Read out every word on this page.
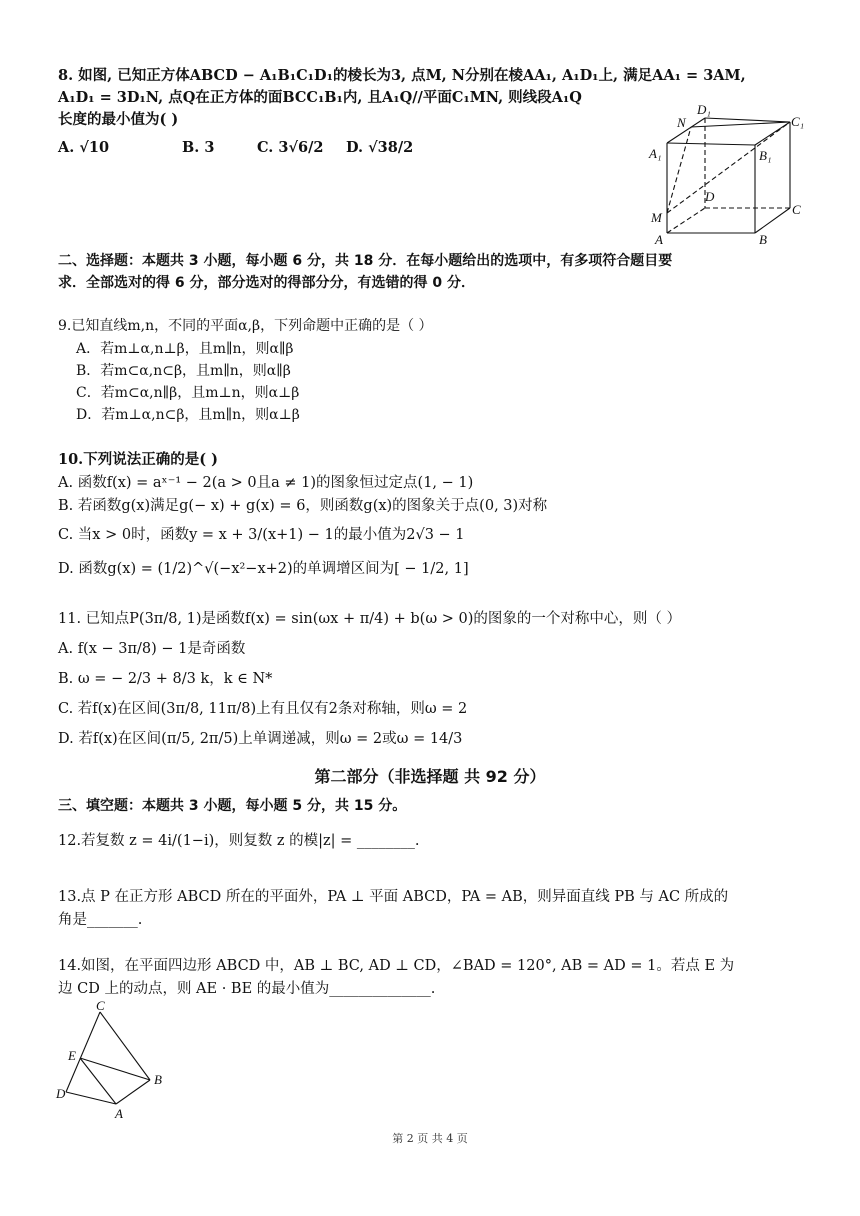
8. 如图, 已知正方体ABCD − A₁B₁C₁D₁的棱长为3, 点M, N分别在棱AA₁, A₁D₁上, 满足AA₁ = 3AM,
A₁D₁ = 3D₁N, 点Q在正方体的面BCC₁B₁内, 且A₁Q//平面C₁MN, 则线段A₁Q
长度的最小值为( )
A. √10	B. 3	C. 3√6/2 D. √38/2
N
D₁
C₁
A₁	B₁
D
C
M
A	B
二、选择题：本题共 3 小题，每小题 6 分，共 18 分．在每小题给出的选项中，有多项符合题目要
求．全部选对的得 6 分，部分选对的得部分分，有选错的得 0 分．
9.已知直线m,n，不同的平面α,β，下列命题中正确的是（ ）
A．若m⊥α,n⊥β，且m∥n，则α∥β
B．若m⊂α,n⊂β，且m∥n，则α∥β
C．若m⊂α,n∥β，且m⊥n，则α⊥β
D．若m⊥α,n⊂β，且m∥n，则α⊥β
10.下列说法正确的是( )
A. 函数f(x) = aˣ⁻¹ − 2(a > 0且a ≠ 1)的图象恒过定点(1, − 1)
B. 若函数g(x)满足g(− x) + g(x) = 6，则函数g(x)的图象关于点(0, 3)对称
C. 当x > 0时，函数y = x + 3/(x+1) − 1的最小值为2√3 − 1
D. 函数g(x) = (1/2)^√(−x²−x+2)的单调增区间为[ − 1/2, 1]
11. 已知点P(3π/8, 1)是函数f(x) = sin(ωx + π/4) + b(ω > 0)的图象的一个对称中心，则（ ）
A. f(x − 3π/8) − 1是奇函数
B. ω = − 2/3 + 8/3 k，k ∈ N*
C. 若f(x)在区间(3π/8, 11π/8)上有且仅有2条对称轴，则ω = 2
D. 若f(x)在区间(π/5, 2π/5)上单调递减，则ω = 2或ω = 14/3
第二部分（非选择题 共 92 分）
三、填空题：本题共 3 小题，每小题 5 分，共 15 分。
12.若复数 z = 4i/(1−i)，则复数 z 的模|z| = ________.
13.点 P 在正方形 ABCD 所在的平面外，PA ⊥ 平面 ABCD，PA = AB，则异面直线 PB 与 AC 所成的
角是_______.
14.如图，在平面四边形 ABCD 中，AB ⊥ BC, AD ⊥ CD，∠BAD = 120°, AB = AD = 1。若点 E 为
边 CD 上的动点，则 AE · BE 的最小值为______________.
C
E
B
D
A
第 2 页 共 4 页
